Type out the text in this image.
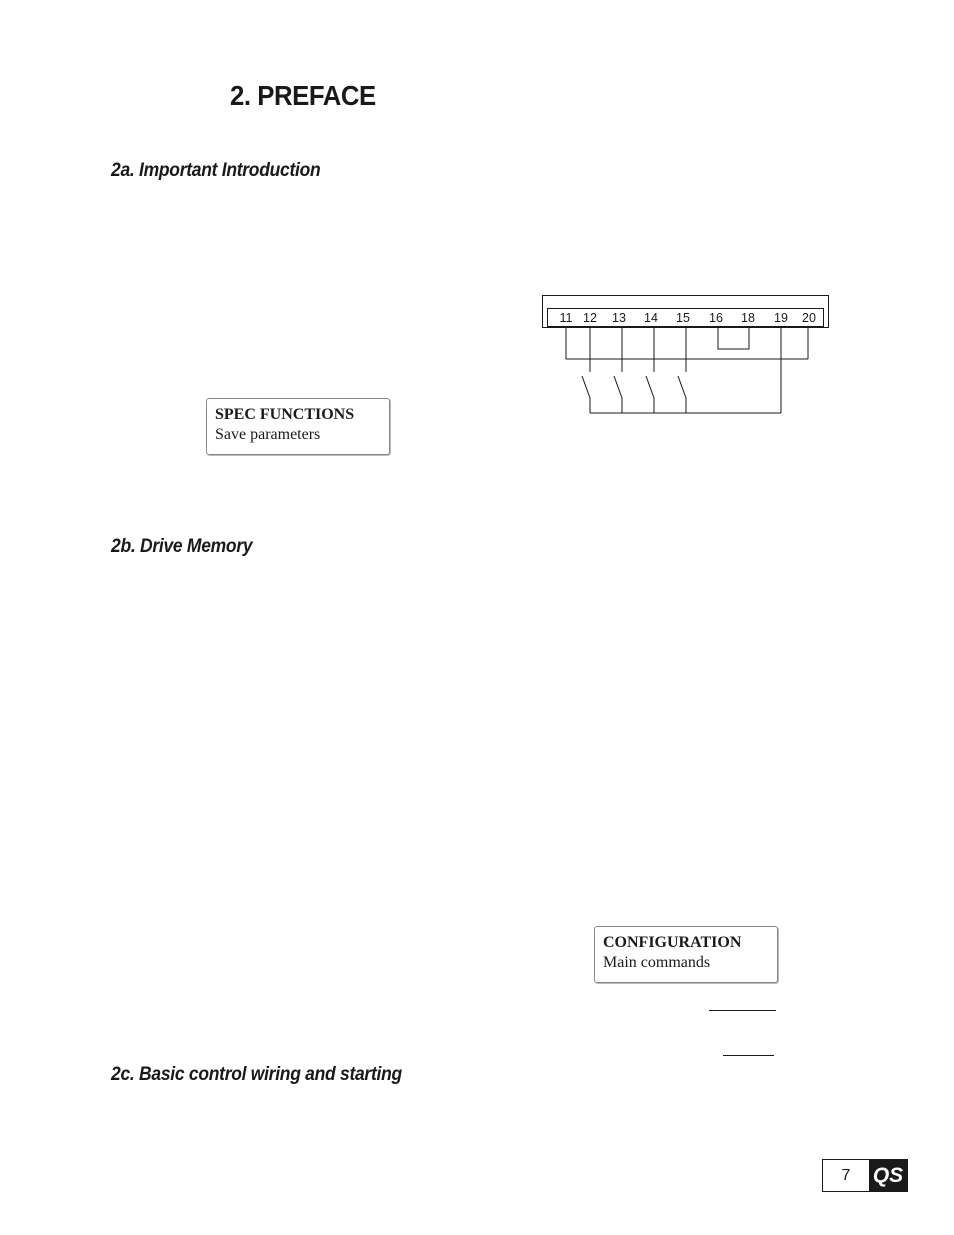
2. PREFACE
2a. Important Introduction
2b. Drive Memory
2c. Basic control wiring and starting
11 12 13 14 15 16 18 19 20
SPEC FUNCTIONS
Save parameters
CONFIGURATION
Main commands
7	QS
